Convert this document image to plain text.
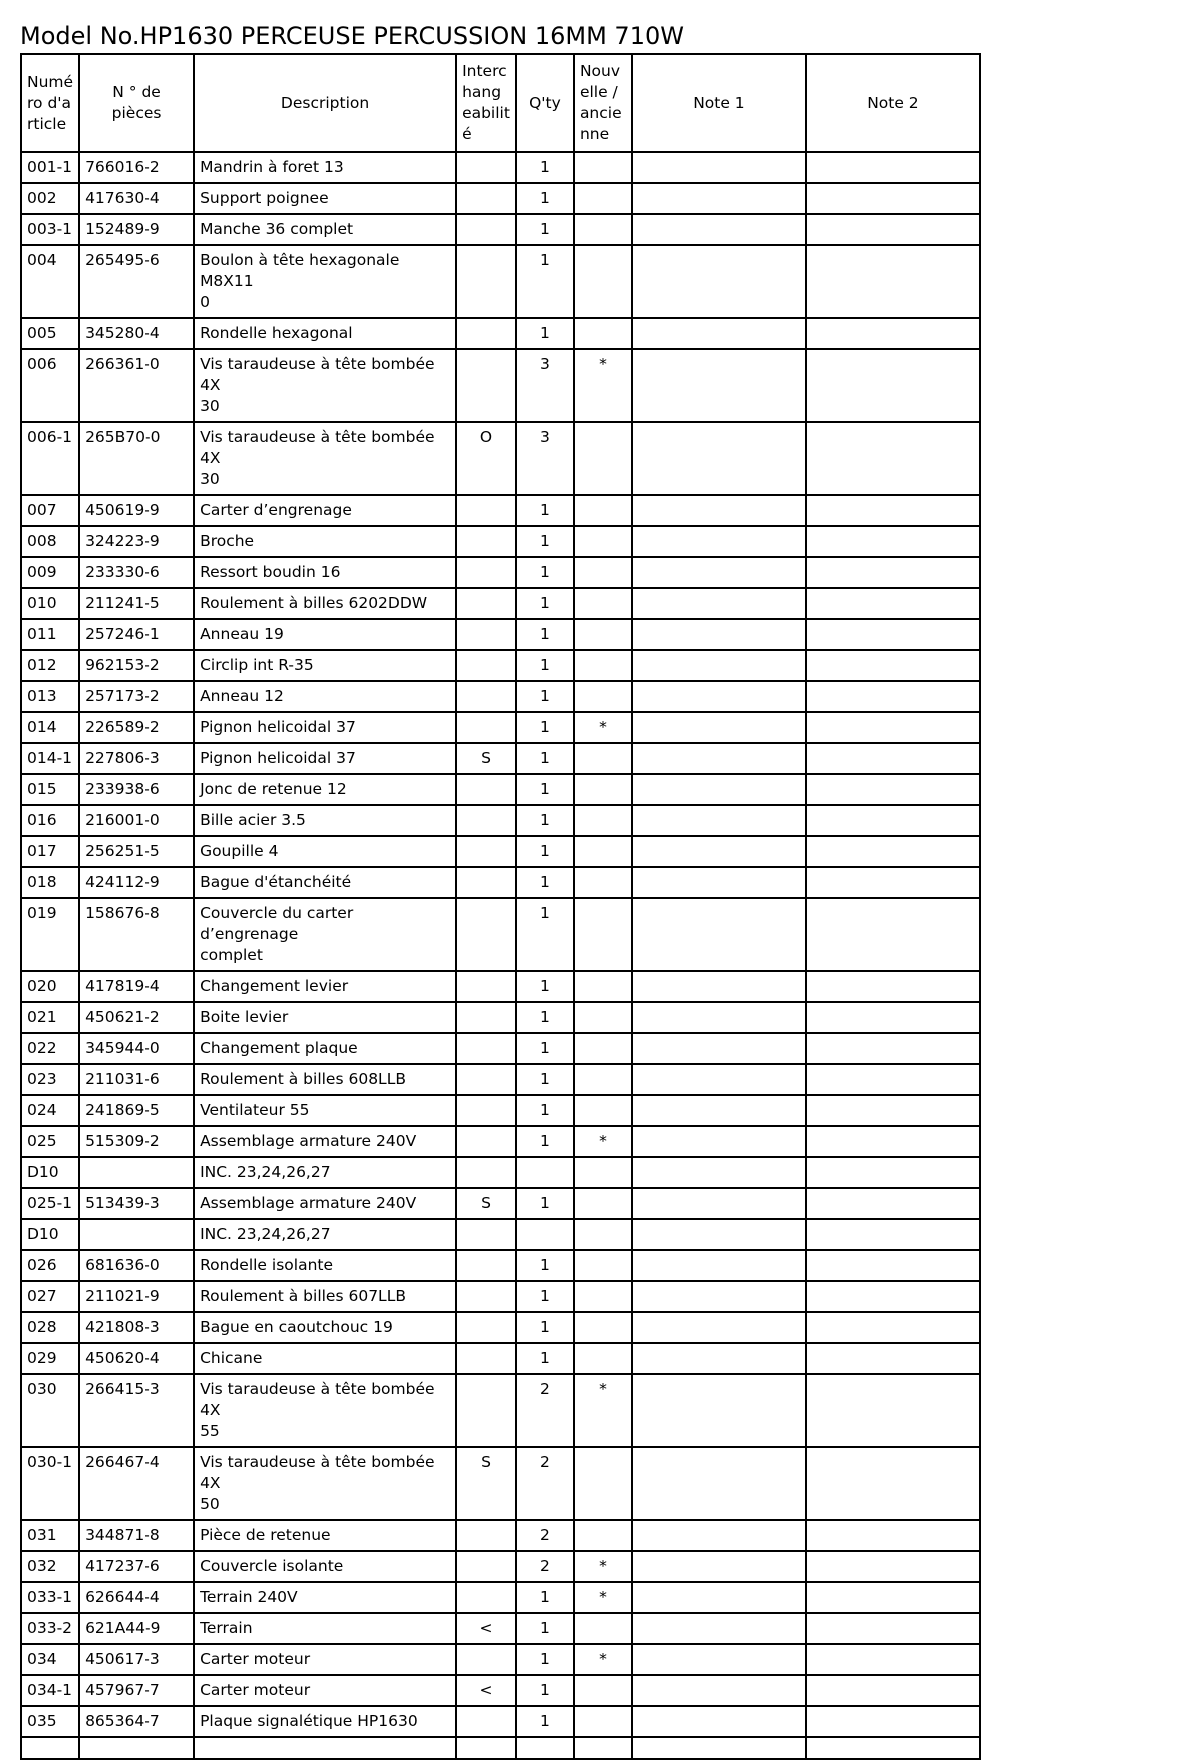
Model No.HP1630 PERCEUSE PERCUSSION 16MM 710W
Numé
ro d'a
rticle	N ° de pièces	Description	Interc
hang
eabilit
é	Q'ty	Nouv
elle /
ancie
nne	Note 1	Note 2
001-1	766016-2	Mandrin à foret 13		1			
002	417630-4	Support poignee		1			
003-1	152489-9	Manche 36 complet		1			
004	265495-6	Boulon à tête hexagonale M8X11
0		1			
005	345280-4	Rondelle hexagonal		1			
006	266361-0	Vis taraudeuse à tête bombée 4X
30		3	*		
006-1	265B70-0	Vis taraudeuse à tête bombée 4X
30	O	3			
007	450619-9	Carter d’engrenage		1			
008	324223-9	Broche		1			
009	233330-6	Ressort boudin 16		1			
010	211241-5	Roulement à billes 6202DDW		1			
011	257246-1	Anneau 19		1			
012	962153-2	Circlip int R-35		1			
013	257173-2	Anneau 12		1			
014	226589-2	Pignon helicoidal 37		1	*		
014-1	227806-3	Pignon helicoidal 37	S	1			
015	233938-6	Jonc de retenue 12		1			
016	216001-0	Bille acier 3.5		1			
017	256251-5	Goupille 4		1			
018	424112-9	Bague d'étanchéité		1			
019	158676-8	Couvercle du carter d’engrenage
complet		1			
020	417819-4	Changement levier		1			
021	450621-2	Boite levier		1			
022	345944-0	Changement plaque		1			
023	211031-6	Roulement à billes 608LLB		1			
024	241869-5	Ventilateur 55		1			
025	515309-2	Assemblage armature 240V		1	*		
D10		INC. 23,24,26,27					
025-1	513439-3	Assemblage armature 240V	S	1			
D10		INC. 23,24,26,27					
026	681636-0	Rondelle isolante		1			
027	211021-9	Roulement à billes 607LLB		1			
028	421808-3	Bague en caoutchouc 19		1			
029	450620-4	Chicane		1			
030	266415-3	Vis taraudeuse à tête bombée 4X
55		2	*		
030-1	266467-4	Vis taraudeuse à tête bombée 4X
50	S	2			
031	344871-8	Pièce de retenue		2			
032	417237-6	Couvercle isolante		2	*		
033-1	626644-4	Terrain 240V		1	*		
033-2	621A44-9	Terrain	<	1			
034	450617-3	Carter moteur		1	*		
034-1	457967-7	Carter moteur	<	1			
035	865364-7	Plaque signalétique HP1630		1			
